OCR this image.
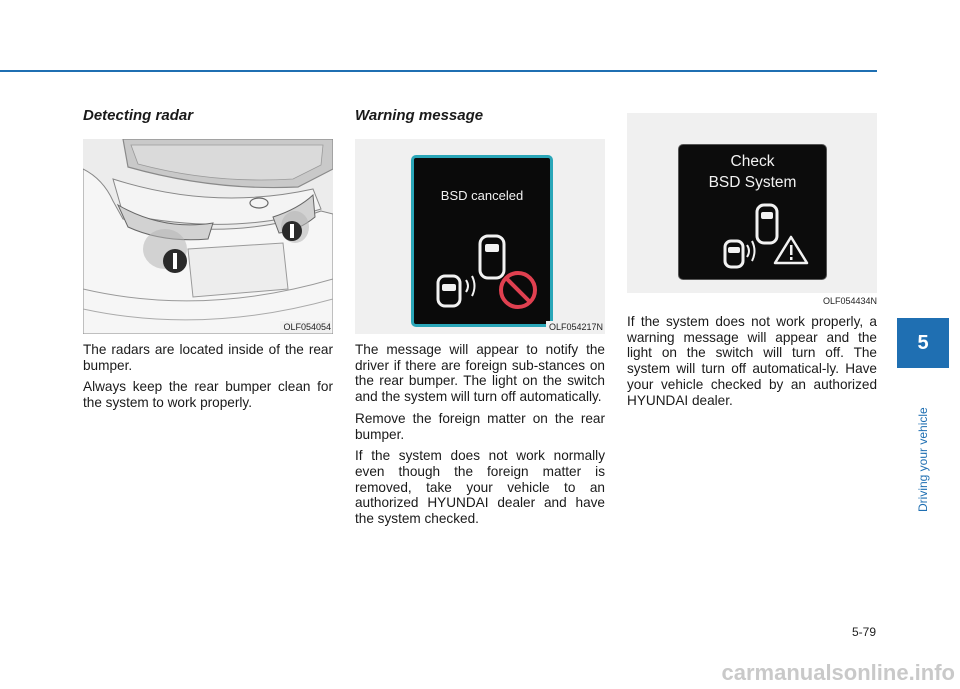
Detecting radar
OLF054054

The radars are located inside of the rear bumper.

Always keep the rear bumper clean for the system to work properly.

Warning message
BSD canceled
OLF054217N

The message will appear to notify the driver if there are foreign sub-stances on the rear bumper. The light on the switch and the system will turn off automatically.

Remove the foreign matter on the rear bumper.

If the system does not work normally even though the foreign matter is removed, take your vehicle to an authorized HYUNDAI dealer and have the system checked.

Check
BSD System
OLF054434N

If the system does not work properly, a warning message will appear and the light on the switch will turn off. The system will turn off automatical-ly. Have your vehicle checked by an authorized HYUNDAI dealer.

5
Driving your vehicle
5-79
carmanualsonline.info
